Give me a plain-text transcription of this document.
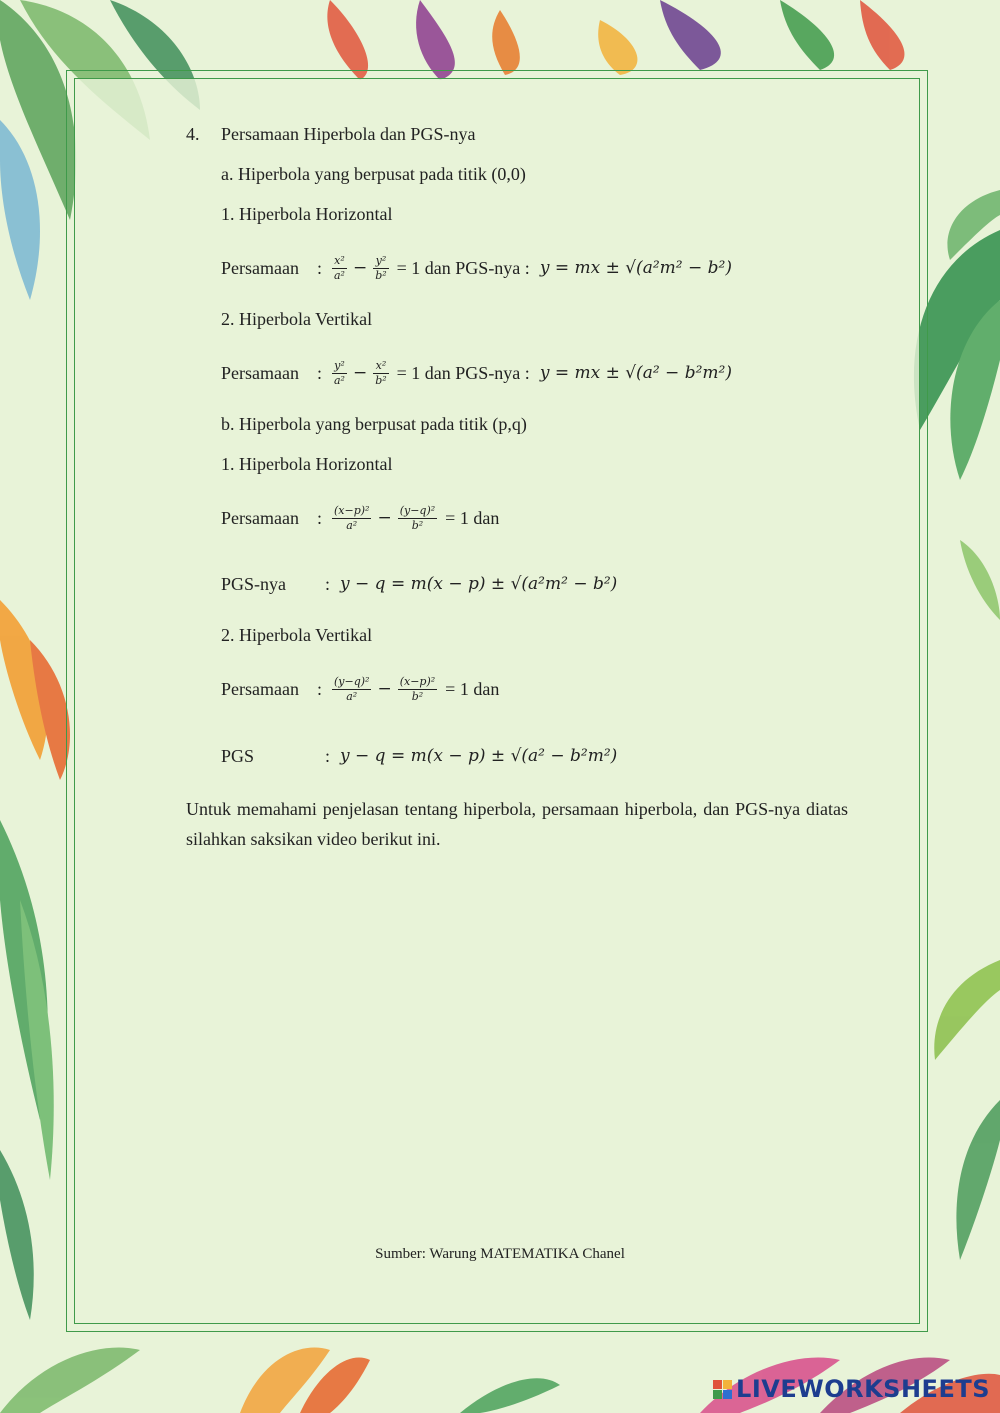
4. Persamaan Hiperbola dan PGS-nya
a. Hiperbola yang berpusat pada titik (0,0)
1. Hiperbola Horizontal
Persamaan : $\frac{\text{x²}}{\text{a²}} - \frac{\text{y²}}{\text{b²}} = 1$ dan PGS-nya : y = mx ± √(a²m² − b²)
2. Hiperbola Vertikal
Persamaan : $\frac{\text{y²}}{\text{a²}} - \frac{\text{x²}}{\text{b²}} = 1$ dan PGS-nya : y = mx ± √(a² − b²m²)
b. Hiperbola yang berpusat pada titik (p,q)
1. Hiperbola Horizontal
Persamaan : $\frac{\text{(x−p)²}}{\text{a²}} - \frac{\text{(y−q)²}}{\text{b²}} = 1$ dan
PGS-nya	: y − q = m(x − p) ± √(a²m² − b²)
2. Hiperbola Vertikal
Persamaan : $\frac{\text{(y−q)²}}{\text{a²}} - \frac{\text{(x−p)²}}{\text{b²}} = 1$ dan
PGS	: y − q = m(x − p) ± √(a² − b²m²)
Untuk memahami penjelasan tentang hiperbola, persamaan hiperbola, dan PGS-nya diatas silahkan saksikan video berikut ini.
Sumber: Warung MATEMATIKA Chanel
LIVEWORKSHEETS
